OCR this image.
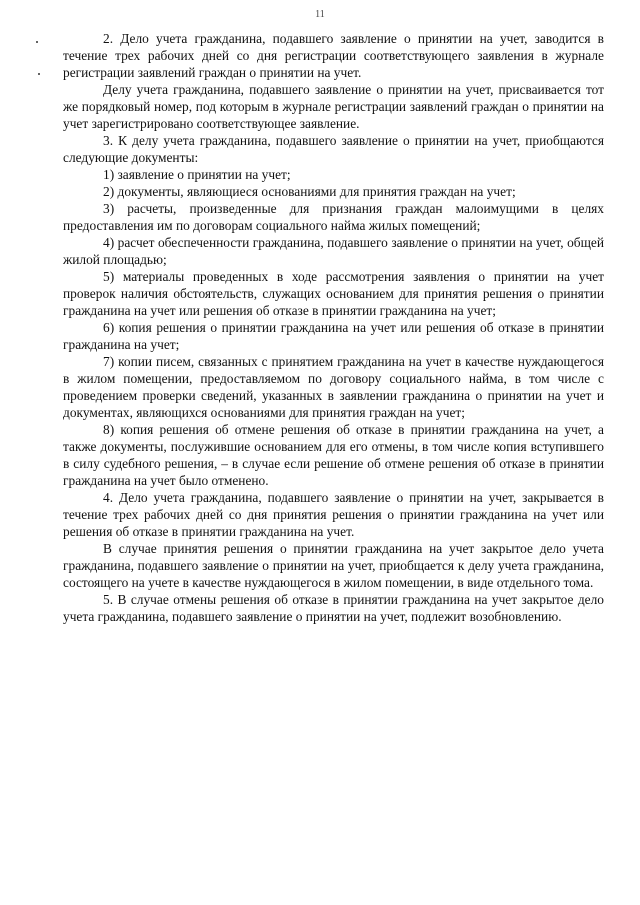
11

2. Дело учета гражданина, подавшего заявление о принятии на учет, заводится в течение трех рабочих дней со дня регистрации соответствующего заявления в журнале регистрации заявлений граждан о принятии на учет.

Делу учета гражданина, подавшего заявление о принятии на учет, присваивается тот же порядковый номер, под которым в журнале регистрации заявлений граждан о принятии на учет зарегистрировано соответствующее заявление.

3. К делу учета гражданина, подавшего заявление о принятии на учет, приобщаются следующие документы:

1) заявление о принятии на учет;

2) документы, являющиеся основаниями для принятия граждан на учет;

3) расчеты, произведенные для признания граждан малоимущими в целях предоставления им по договорам социального найма жилых помещений;

4) расчет обеспеченности гражданина, подавшего заявление о принятии на учет, общей жилой площадью;

5) материалы проведенных в ходе рассмотрения заявления о принятии на учет проверок наличия обстоятельств, служащих основанием для принятия решения о принятии гражданина на учет или решения об отказе в принятии гражданина на учет;

6) копия решения о принятии гражданина на учет или решения об отказе в принятии гражданина на учет;

7) копии писем, связанных с принятием гражданина на учет в качестве нуждающегося в жилом помещении, предоставляемом по договору социального найма, в том числе с проведением проверки сведений, указанных в заявлении гражданина о принятии на учет и документах, являющихся основаниями для принятия граждан на учет;

8) копия решения об отмене решения об отказе в принятии гражданина на учет, а также документы, послужившие основанием для его отмены, в том числе копия вступившего в силу судебного решения, – в случае если решение об отмене решения об отказе в принятии гражданина на учет было отменено.

4. Дело учета гражданина, подавшего заявление о принятии на учет, закрывается в течение трех рабочих дней со дня принятия решения о принятии гражданина на учет или решения об отказе в принятии гражданина на учет.

В случае принятия решения о принятии гражданина на учет закрытое дело учета гражданина, подавшего заявление о принятии на учет, приобщается к делу учета гражданина, состоящего на учете в качестве нуждающегося в жилом помещении, в виде отдельного тома.

5. В случае отмены решения об отказе в принятии гражданина на учет закрытое дело учета гражданина, подавшего заявление о принятии на учет, подлежит возобновлению.
